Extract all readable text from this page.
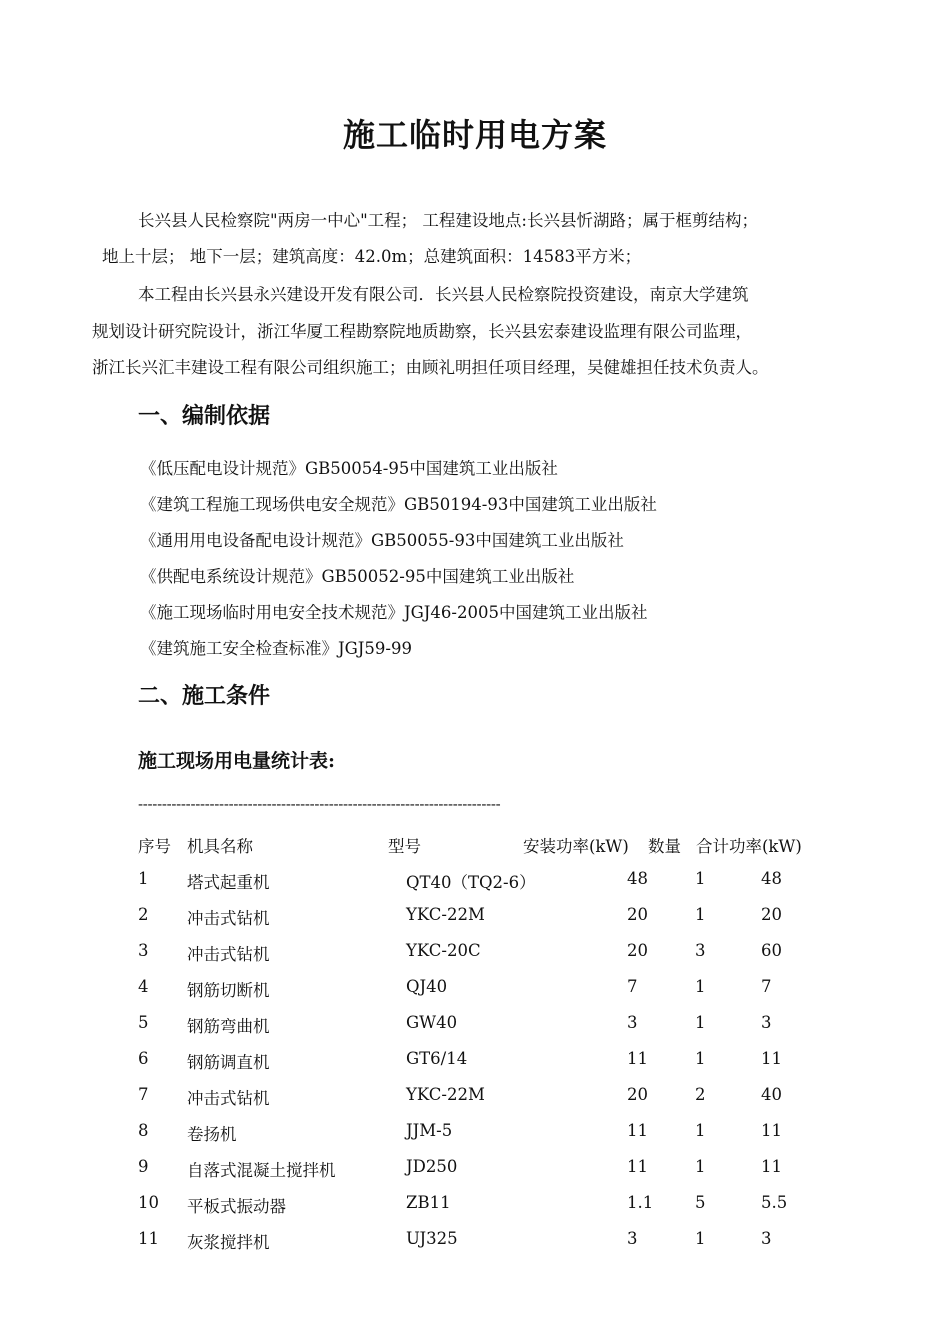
施工临时用电方案
长兴县人民检察院"两房一中心"工程； 工程建设地点:长兴县忻湖路；属于框剪结构；
地上十层； 地下一层；建筑高度：42.0m；总建筑面积：14583平方米；
本工程由长兴县永兴建设开发有限公司．长兴县人民检察院投资建设，南京大学建筑
规划设计研究院设计，浙江华厦工程勘察院地质勘察，长兴县宏泰建设监理有限公司监理，
浙江长兴汇丰建设工程有限公司组织施工；由顾礼明担任项目经理，吴健雄担任技术负责人。
一、编制依据
《低压配电设计规范》GB50054-95中国建筑工业出版社
《建筑工程施工现场供电安全规范》GB50194-93中国建筑工业出版社
《通用用电设备配电设计规范》GB50055-93中国建筑工业出版社
《供配电系统设计规范》GB50052-95中国建筑工业出版社
《施工现场临时用电安全技术规范》JGJ46-2005中国建筑工业出版社
《建筑施工安全检查标准》JGJ59-99
二、施工条件
施工现场用电量统计表:
----------------------------------------------------------------------------
序号 机具名称	型号	安装功率(kW) 数量 合计功率(kW)
1 塔式起重机	QT40（TQ2-6）	48	1	48
2 冲击式钻机	YKC-22M	20	1	20
3 冲击式钻机	YKC-20C	20	3	60
4 钢筋切断机	QJ40	7	1	7
5 钢筋弯曲机	GW40	3	1	3
6 钢筋调直机	GT6/14	11	1	11
7 冲击式钻机	YKC-22M	20	2	40
8 卷扬机	JJM-5	11	1	11
9 自落式混凝土搅拌机	JD250	11	1	11
10 平板式振动器	ZB11	1.1	5	5.5
11 灰浆搅拌机	UJ325	3	1	3
